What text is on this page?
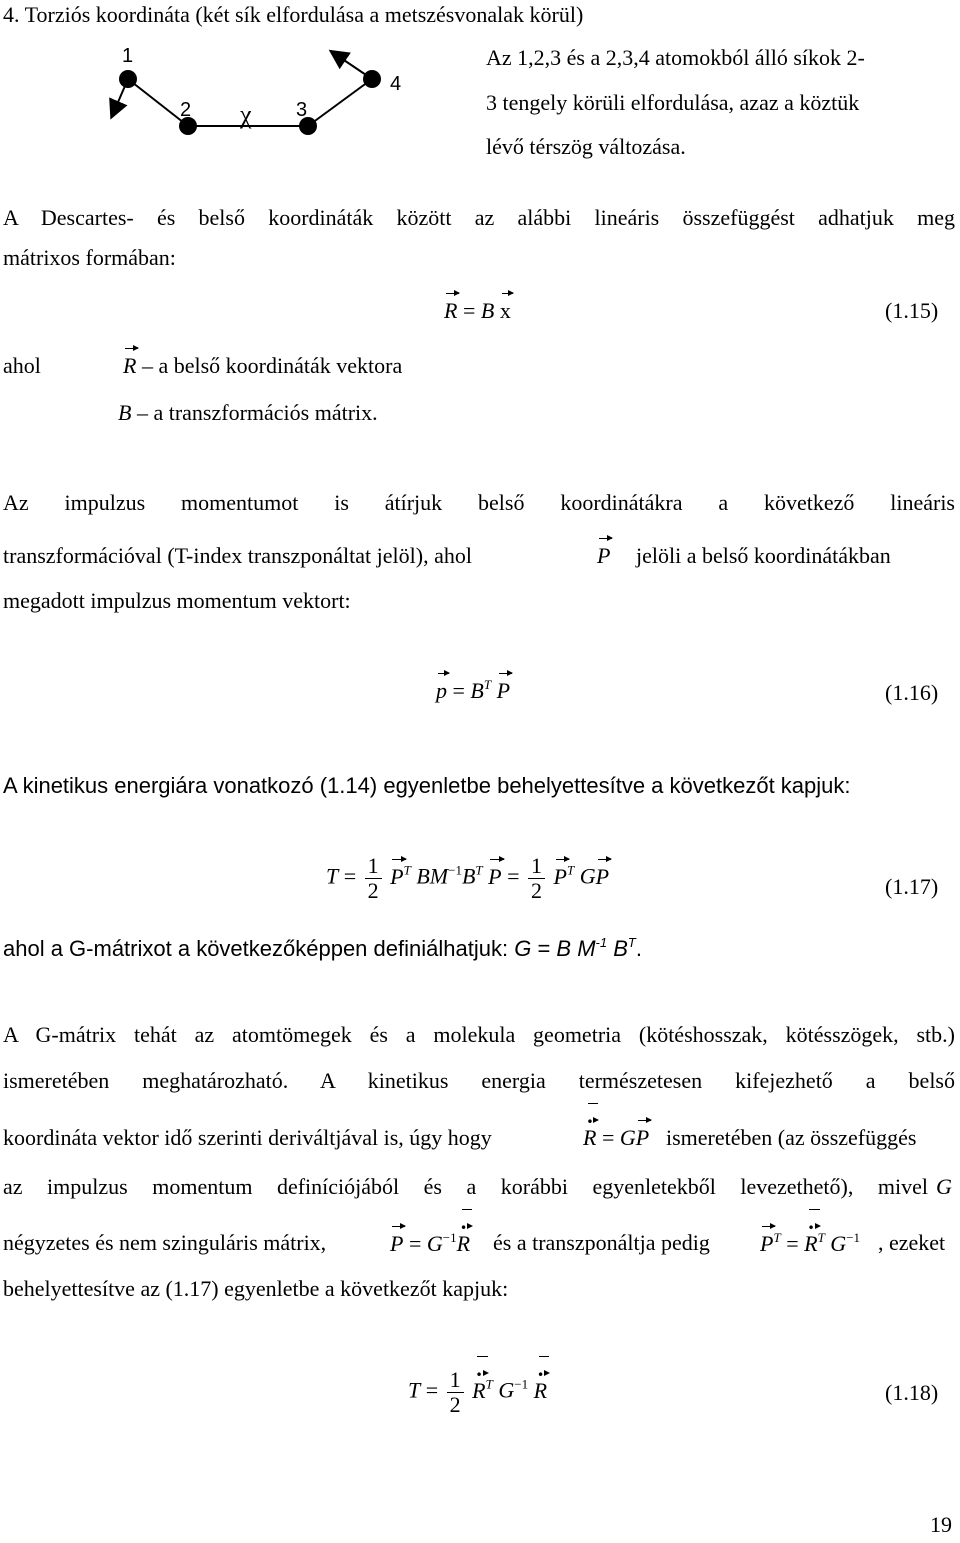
4. Torziós koordináta (két sík elfordulása a metszésvonalak körül)
1
2 χ 3
4
Az 1,2,3 és a 2,3,4 atomokból álló síkok 2-
3 tengely körüli elfordulása, azaz a köztük
lévő térszög változása.
A Descartes- és belső koordináták között az alábbi lineáris összefüggést adhatjuk meg
mátrixos formában:
R = B x	(1.15)
ahol	R – a belső koordináták vektora
B – a transzformációs mátrix.
Az impulzus momentumot is átírjuk belső koordinátákra a következő lineáris
transzformációval (T-index transzponáltat jelöl), ahol	P jelöli a belső koordinátákban
megadott impulzus momentum vektort:
$p = B^T$ P	(1.16)
A kinetikus energiára vonatkozó (1.14) egyenletbe behelyettesítve a következőt kapjuk:
$T = \frac{1}{2} P^T$ $BM^{-1}B^T$ $P = \frac{1}{2} P^T$ GP	(1.17)
ahol a G-mátrixot a következőképpen definiálhatjuk: G = B $M^{-1}$ $B^T$.
A G-mátrix tehát az atomtömegek és a molekula geometria (kötéshosszak, kötésszögek, stb.)
ismeretében meghatározható. A kinetikus energia természetesen kifejezhető a belső
koordináta vektor idő szerinti deriváltjával is, úgy hogy	. R = GP ismeretében (az összefüggés
az impulzus momentum definíciójából és a korábbi egyenletekből levezethető), mivel G
négyzetes és nem szinguláris mátrix,	$P = G^{-1}$. R és a transzponáltja pedig $P^T$ = . $R^T$ $G^{-1}$ , ezeket
behelyettesítve az (1.17) egyenletbe a következőt kapjuk:
$T = \frac{1}{2}$ . $R^T$ $G^{-1}$ . R	(1.18)
19
